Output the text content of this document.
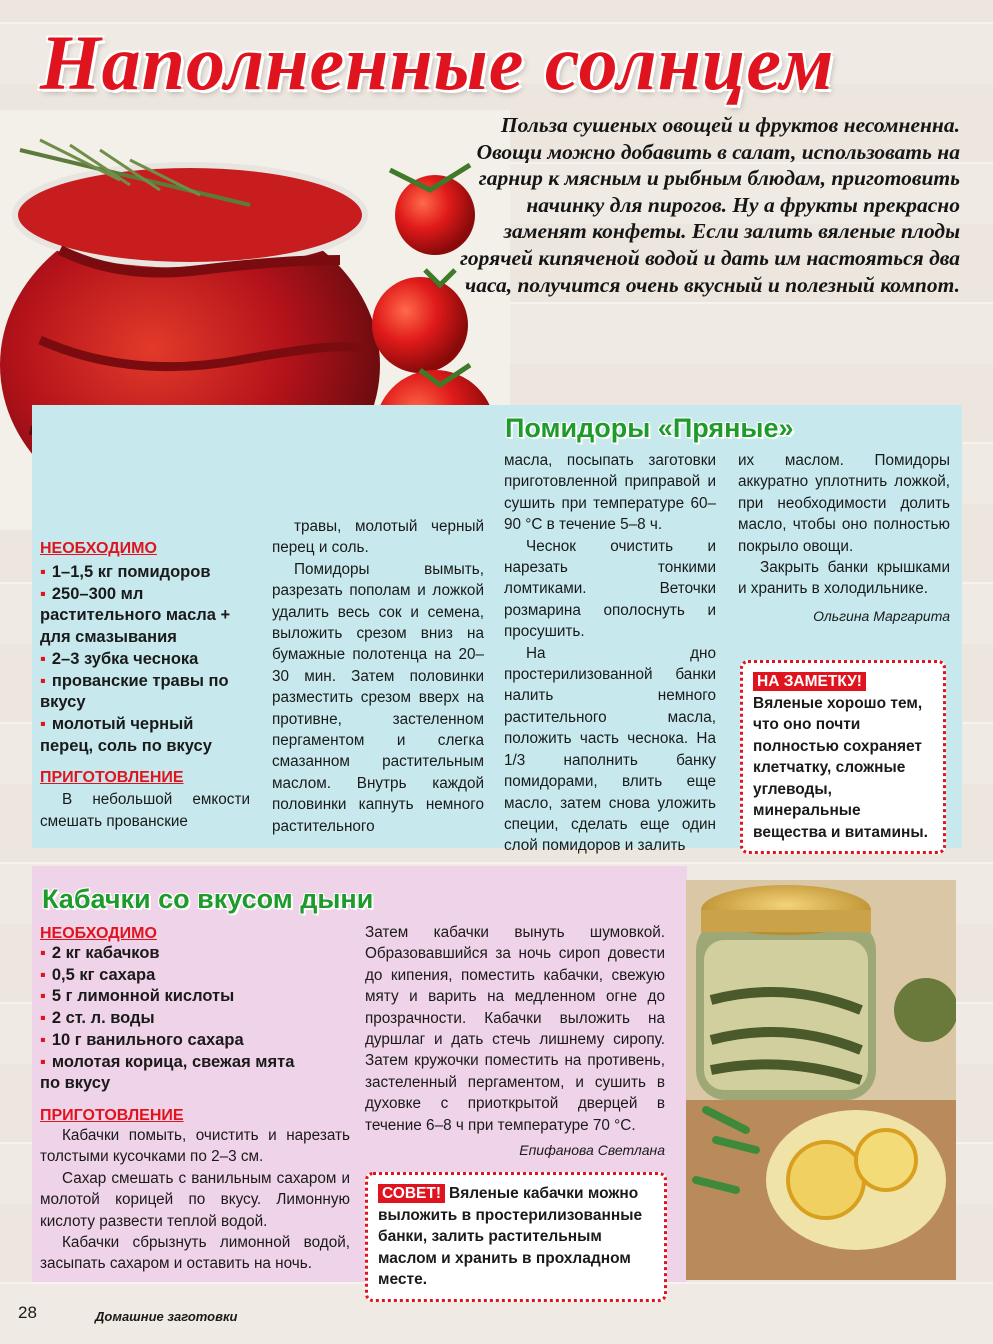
Наполненные солнцем
Польза сушеных овощей и фруктов несомненна. Овощи можно добавить в салат, использовать на гарнир к мясным и рыбным блюдам, приготовить начинку для пирогов. Ну а фрукты прекрасно заменят конфеты. Если залить вяленые плоды горячей кипяченой водой и дать им настояться два часа, получится очень вкусный и полезный компот.
Помидоры «Пряные»
НЕОБХОДИМО
▪ 1–1,5 кг помидоров
▪ 250–300 мл растительного масла + для смазывания
▪ 2–3 зубка чеснока
▪ прованские травы по вкусу
▪ молотый черный перец, соль по вкусу
ПРИГОТОВЛЕНИЕ

В небольшой емкости смешать прованские

травы, молотый черный перец и соль.

Помидоры вымыть, разрезать пополам и ложкой удалить весь сок и семена, выложить срезом вниз на бумажные полотенца на 20–30 мин. Затем половинки разместить срезом вверх на противне, застеленном пергаментом и слегка смазанном растительным маслом. Внутрь каждой половинки капнуть немного растительного

масла, посыпать заготовки приготовленной приправой и сушить при температуре 60–90 °С в течение 5–8 ч.

Чеснок очистить и нарезать тонкими ломтиками. Веточки розмарина ополоснуть и просушить.

На дно простерилизованной банки налить немного растительного масла, положить часть чеснока. На 1/3 наполнить банку помидорами, влить еще масло, затем снова уложить специи, сделать еще один слой помидоров и залить

их маслом. Помидоры аккуратно уплотнить ложкой, при необходимости долить масло, чтобы оно полностью покрыло овощи.

Закрыть банки крышками и хранить в холодильнике.

Ольгина Маргарита
НА ЗАМЕТКУ!Вяленые хорошо тем, что оно почти полностью сохраняет клетчатку, сложные углеводы, минеральные вещества и витамины.
Кабачки со вкусом дыни
НЕОБХОДИМО
▪ 2 кг кабачков
▪ 0,5 кг сахара
▪ 5 г лимонной кислоты
▪ 2 ст. л. воды
▪ 10 г ванильного сахара
▪ молотая корица, свежая мята по вкусу
ПРИГОТОВЛЕНИЕ

Кабачки помыть, очистить и нарезать толстыми кусочками по 2–3 см.

Сахар смешать с ванильным сахаром и молотой корицей по вкусу. Лимонную кислоту развести теплой водой.

Кабачки сбрызнуть лимонной водой, засыпать сахаром и оставить на ночь.

Затем кабачки вынуть шумовкой. Образовавшийся за ночь сироп довести до кипения, поместить кабачки, свежую мяту и варить на медленном огне до прозрачности. Кабачки выложить на дуршлаг и дать стечь лишнему сиропу. Затем кружочки поместить на противень, застеленный пергаментом, и сушить в духовке с приоткрытой дверцей в течение 6–8 ч при температуре 70 °С.

Епифанова Светлана
СОВЕТ! Вяленые кабачки можно выложить в простерилизованные банки, залить растительным маслом и хранить в прохладном месте.
28	Домашние заготовки
